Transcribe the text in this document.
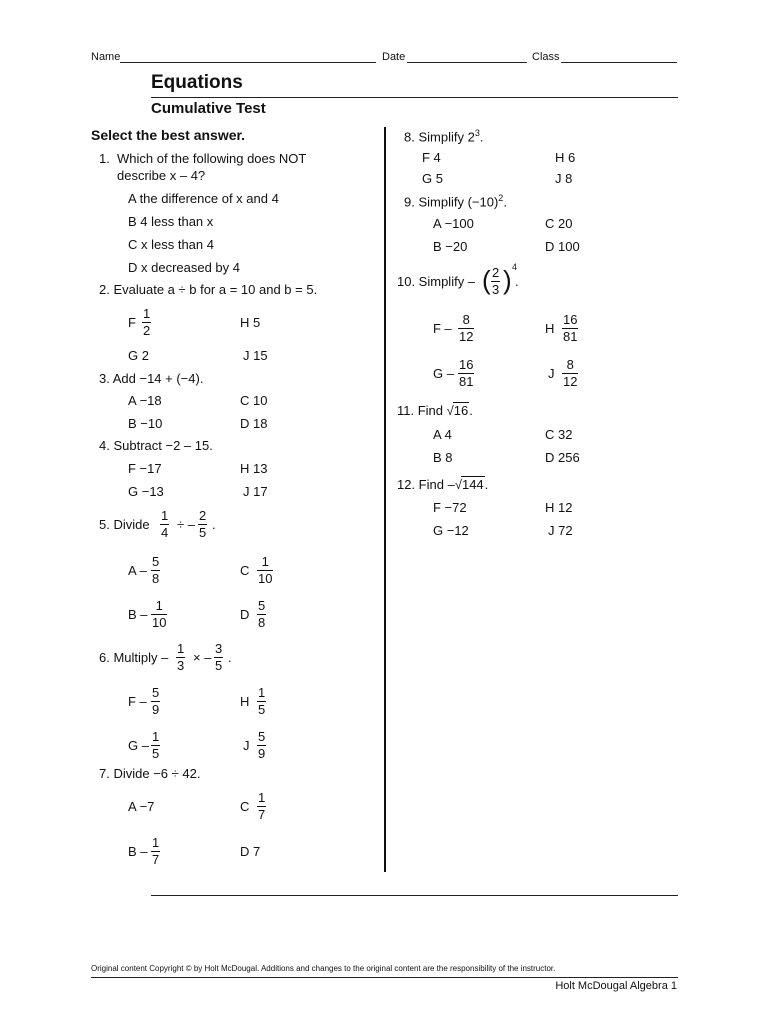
Name	Date	Class
Equations
Cumulative Test
Select the best answer.
1. Which of the following does NOT
describe x – 4?
A the difference of x and 4
B 4 less than x
C x less than 4
D x decreased by 4
2. Evaluate a ÷ b for a = 10 and b = 5.
F $\frac{1}{2}$	H 5
G 2	J 15
3. Add −14 + (−4).
A −18	C 10
B −10	D 18
4. Subtract −2 – 15.
F −17	H 13
G −13	J 17
5. Divide $\frac{1}{4}$ ÷ – $\frac{2}{5}$ .
A – $\frac{5}{8}$	C $\frac{1}{10}$
B – $\frac{1}{10}$	D $\frac{5}{8}$
6. Multiply – $\frac{1}{3}$ × – $\frac{3}{5}$ .
F – $\frac{5}{9}$	H $\frac{1}{5}$
G – $\frac{1}{5}$	J $\frac{5}{9}$
7. Divide −6 ÷ 42.
A −7	C $\frac{1}{7}$
B – $\frac{1}{7}$	D 7
8. Simplify $2^3$.
F 4	H 6
G 5	J 8
9. Simplify $(-10)^2$.
A −100	C 20
B −20	D 100
10. Simplify – ( $\frac{2}{3}$ ) 4
.
F – $\frac{8}{12}$	H $\frac{16}{81}$
G – $\frac{16}{81}$	J $\frac{8}{12}$
11. Find √16.
A 4	C 32
B 8	D 256
12. Find –√144.
F −72	H 12
G −12	J 72
Original content Copyright © by Holt McDougal. Additions and changes to the original content are the responsibility of the instructor.
Holt McDougal Algebra 1
